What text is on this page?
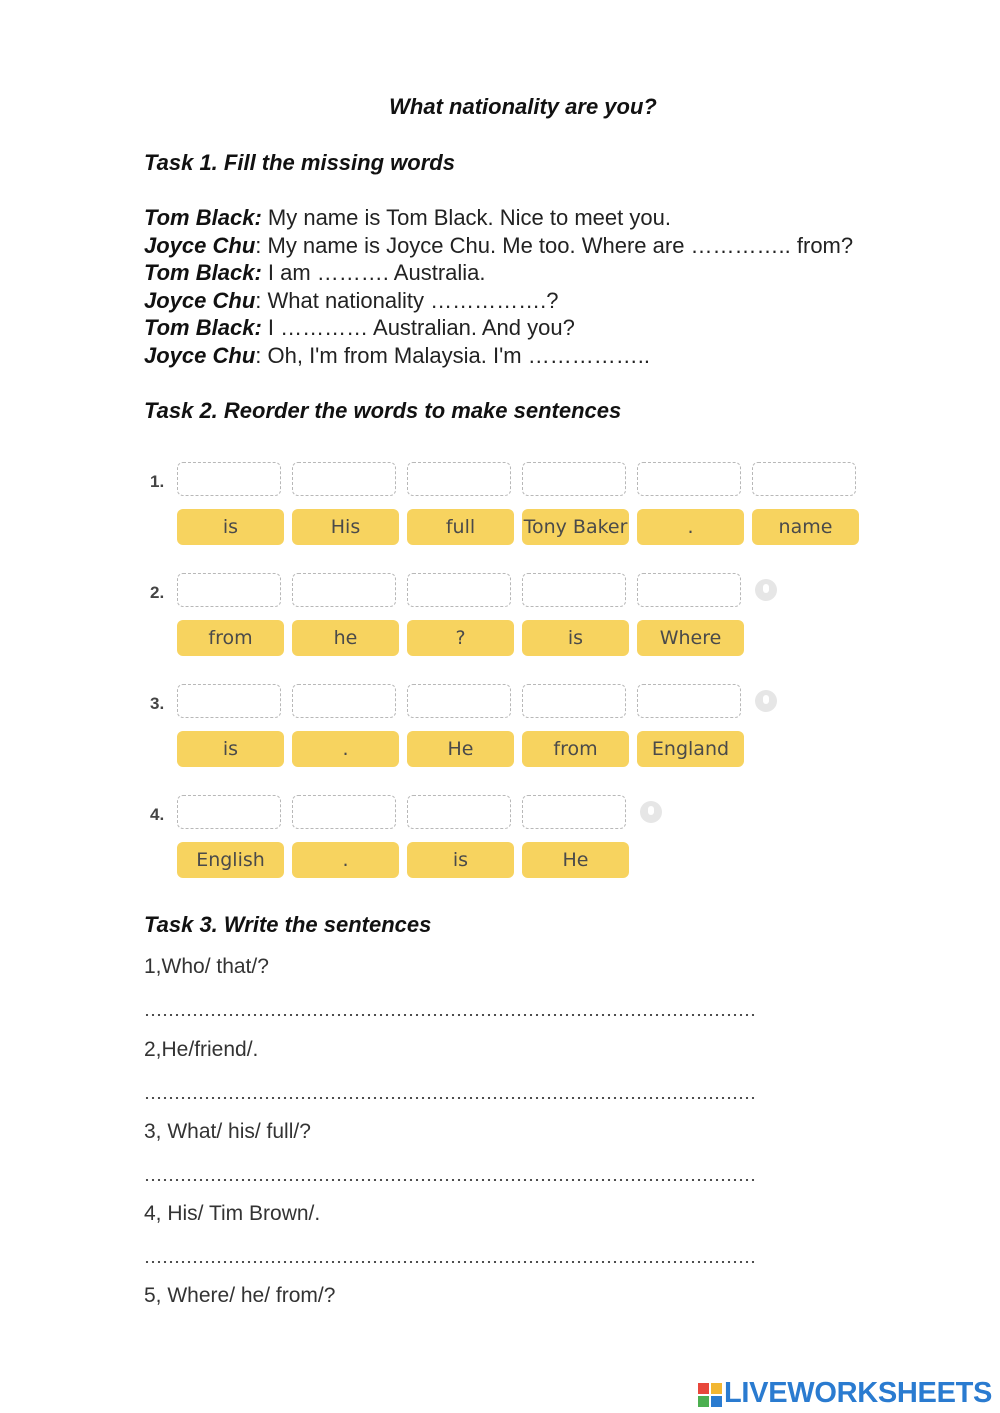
What nationality are you?
Task 1. Fill the missing words
Tom Black: My name is Tom Black. Nice to meet you.
Joyce Chu: My name is Joyce Chu. Me too. Where are ………….. from?
Tom Black: I am ………. Australia.
Joyce Chu: What nationality …………….?
Tom Black: I ………… Australian. And you?
Joyce Chu: Oh, I'm from Malaysia. I'm ……………..
Task 2. Reorder the words to make sentences
1.
is	His	full	Tony Baker	.	name
2.
from	he	?	is	Where
3.
is	.	He	from	England
4.
English	.	is	He
Task 3. Write the sentences
1,Who/ that/?
2,He/friend/.
3, What/ his/ full/?
4, His/ Tim Brown/.
5, Where/ he/ from/?
LIVEWORKSHEETS
